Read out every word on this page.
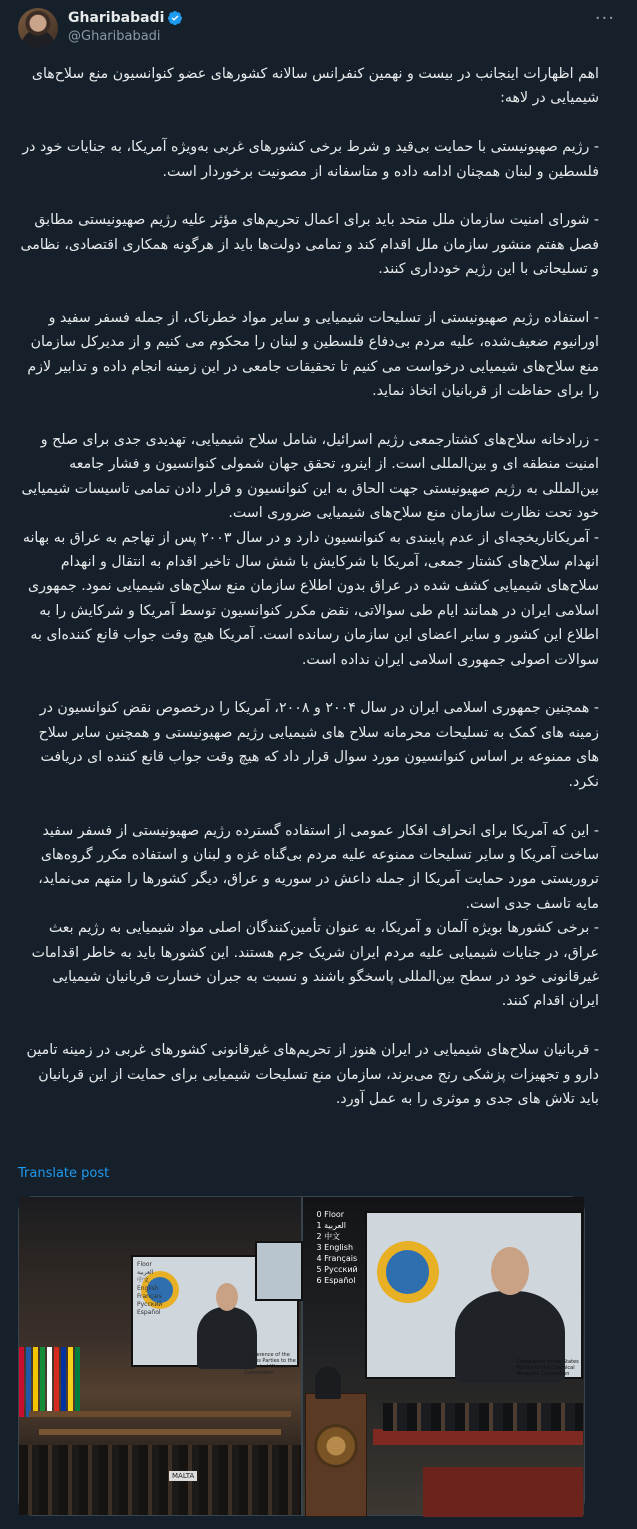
Gharibabadi
@Gharibabadi
···
اهم اظهارات اینجانب در بیست و نهمین کنفرانس سالانه کشورهای عضو کنوانسیون منع سلاح‌های شیمیایی در لاهه:
- رژیم صهیونیستی با حمایت بی‌قید و شرط برخی کشورهای غربی به‌ویژه آمریکا، به جنایات خود در فلسطین و لبنان همچنان ادامه داده و متاسفانه از مصونیت برخوردار است.
- شورای امنیت سازمان ملل متحد باید برای اعمال تحریم‌های مؤثر علیه رژیم صهیونیستی مطابق فصل هفتم منشور سازمان ملل اقدام کند و تمامی دولت‌ها باید از هرگونه همکاری اقتصادی، نظامی و تسلیحاتی با این رژیم خودداری کنند.
- استفاده رژیم صهیونیستی از تسلیحات شیمیایی و سایر مواد خطرناک، از جمله فسفر سفید و اورانیوم ضعیف‌شده، علیه مردم بی‌دفاع فلسطین و لبنان را محکوم می کنیم و از مدیرکل سازمان منع سلاح‌های شیمیایی درخواست می کنیم تا تحقیقات جامعی در این زمینه انجام داده و تدابیر لازم را برای حفاظت از قربانیان اتخاذ نماید.
- زرادخانه سلاح‌های کشتارجمعی رژیم اسرائیل، شامل سلاح شیمیایی، تهدیدی جدی برای صلح و امنیت منطقه ای و بین‌المللی است. از اینرو، تحقق جهان شمولی کنوانسیون و فشار جامعه بین‌المللی به رژیم صهیونیستی جهت الحاق به این کنوانسیون و قرار دادن تمامی تاسیسات شیمیایی خود تحت نظارت سازمان منع سلاح‌های شیمیایی ضروری است.
- آمریکاتاریخچه‌ای از عدم پایبندی به کنوانسیون دارد و در سال ۲۰۰۳ پس از تهاجم به عراق به بهانه انهدام سلاح‌های کشتار جمعی، آمریکا با شرکایش با شش سال تاخیر اقدام به انتقال و انهدام سلاح‌های شیمیایی کشف شده در عراق بدون اطلاع سازمان منع سلاح‌های شیمیایی نمود. جمهوری اسلامی ایران در همانند ایام طی سوالاتی، نقض مکرر کنوانسیون توسط آمریکا و شرکایش را به اطلاع این کشور و سایر اعضای این سازمان رسانده است. آمریکا هیچ وقت جواب قانع کننده‌ای به سوالات اصولی جمهوری اسلامی ایران نداده است.
- همچنین جمهوری اسلامی ایران در سال ۲۰۰۴ و ۲۰۰۸، آمریکا را درخصوص نقض کنوانسیون در زمینه های کمک به تسلیحات محرمانه سلاح های شیمیایی رژیم صهیونیستی و همچنین سایر سلاح های ممنوعه بر اساس کنوانسیون مورد سوال قرار داد که هیچ وقت جواب قانع کننده ای دریافت نکرد.
- این که آمریکا برای انحراف افکار عمومی از استفاده گسترده رژیم صهیونیستی از فسفر سفید ساخت آمریکا و سایر تسلیحات ممنوعه علیه مردم بی‌گناه غزه و لبنان و استفاده مکرر گروه‌های تروریستی مورد حمایت آمریکا از جمله داعش در سوریه و عراق، دیگر کشورها را متهم می‌نماید، مایه تاسف جدی است.
- برخی کشورها بویژه آلمان و آمریکا، به عنوان تأمین‌کنندگان اصلی مواد شیمیایی به رژیم بعث عراق، در جنایات شیمیایی علیه مردم ایران شریک جرم هستند. این کشورها باید به خاطر اقدامات غیرقانونی خود در سطح بین‌المللی پاسخگو باشند و نسبت به جبران خسارت قربانیان شیمیایی ایران اقدام کنند.
- قربانیان سلاح‌های شیمیایی در ایران هنوز از تحریم‌های غیرقانونی کشورهای غربی در زمینه تامین دارو و تجهیزات پزشکی رنج می‌برند، سازمان منع تسلیحات شیمیایی برای حمایت از این قربانیان باید تلاش های جدی و موثری را به عمل آورد.
Translate post
Floor
العربية
中文
English
Français
Русский
Español
Conference of the States Parties to the Chemical Weapons Convention
MALTA
Conference of the States Parties to the Chemical Weapons Convention
0 Floor
1 العربية
2 中文
3 English
4 Français
5 Русский
6 Español
